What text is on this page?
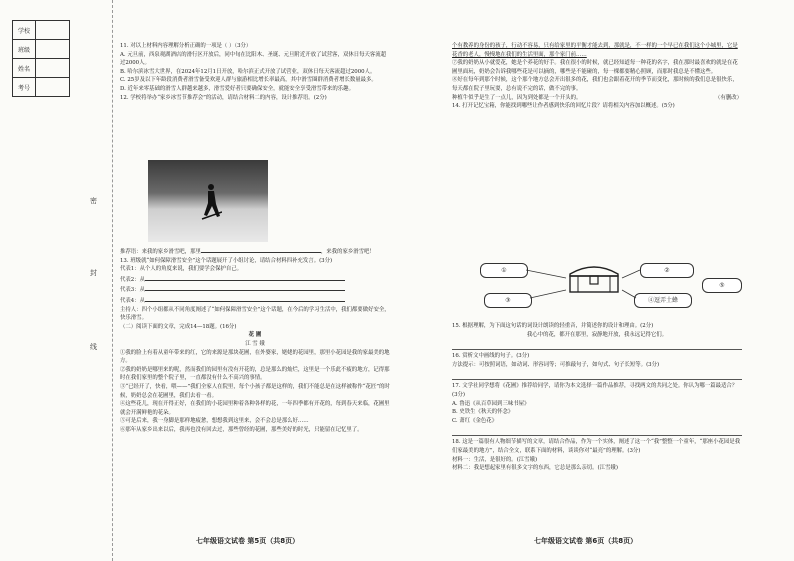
学校	
班级	
姓名	
考号	
密
封
线

11. 对以上材料内容理解分析正确的一项是（ ）（3分）

A. 元旦前，西泉观湖酒店的滑行区开放后，同中旬在比阳木、圣诞、元旦附近开放了试营客，双休日每天客流超过2000人。

B. 哈尔滨冰雪大世界，在2024年12月1日开放，哈尔滨正式开放了试营业，双休日每天客流超过2000人。

C. 25岁及以下年龄段消费者滑雪备受欢迎人群与旅游相比增长率最高，其中滑雪圈群消费者增长数量最多。

D. 近年来零基础的滑雪人群越来越多，滑雪爱好者只要确保安全，就能安全享受滑雪带来的乐趣。

12. 学校将举办“家乡冰雪节推荐会”的活动，请结合材料二的内容，设计推荐语。(2分)

推荐语：来我的家乡滑雪吧，那里	，来我的家乡滑雪吧！

13. 班级就“如何保障滑雪安全”这个话题展开了小组讨论，请结合材料四补充发言。(3分)

代表1：从个人的角度来说，我们要学会保护自己。

代表2：从

代表3：从

代表4：从

主持人：四个小组都从不同角度阐述了“如何保障滑雪安全”这个话题，在今后的学习生活中，我们都要做好安全，快乐滑雪。

（二）阅读下面的文章，完成14—18题。(16分)

花 圃

江 雪 娥

①我的脸上有着从童年带来的红，它的来源是那块花圃，在外婆家，姥姥的花园里，那里小花园是我的家最美的地方。

②我的奶奶是哪里来的呢，然而我们的园里有没有开花的，总是那么的灿烂，这里是一个乐此不疲的地方，记得那时在我们家里的整个院子里，一直都没有什么不高兴的事情。

③“已经开了，快看，喂——”我们全家人在院里，每个小孩子都是这样的，我们不能总是在这样被称作“花匠”的时候，奶奶总会在花圃里，我们去看一看。

④这些花儿，现在开得正好，在我们的小花园里种着各种各样的花，一年四季都有开花的，每到春天来临，花圃里就会开满鲜艳的花朵。

⑤可是后来，我一身脚是那样地疲惫，想想我到这里来，会不会总是那么好……

⑥那年从家乡出来以后，我再也没有回去过，那些曾经的花圃，那些美好的时光，只能留在记忆里了。

七年级语文试卷 第5页（共8页）

个有教养的身份的孩子，行动不容易，只有给家里的平衡才能去到，那就是，不一样的一个早已在我们这个小城里，它是花香的老人，慢慢地在我们的生活里面，那个家门前……

⑦我的奶奶从小就爱花，她是个养花的好手。我在很小的时候，就已经知道每一种花的名字，我在那时最喜欢的就是在花圃里面玩，奶奶会告诉我哪些花是可以摘的，哪些是不能碰的，每一棵都要精心照顾，而那时我总是不懂这些。

⑧好在每年到那个时候，这个那个地方总会开出很多的花，我们也会跟着花开的季节而变化，那时候的我们总是很快乐，每天都在院子里玩耍，总有说不完的话，做不完的事。

种植牛似乎是生了一点儿，因为到处都是一个开头的。	（有删改）

14. 打开记忆宝箱，你能找到哪些让作者感到快乐的回忆片段？请将相关内容加以概述。(5分)

①	②
③	④逗弄土蜂
⑤

15. 根据理解，为下面这句话的词设计朗读的轻重音，并简述你的设计和理由。(2分)

我心中的花，都开在那里，寂静地开放，我永远记得它们。

16. 赏析文中画线的句子。(3分)

方法提示：可按照词语，如动词、形容词等；可推敲句子，如句式、句子长短等。(3分)

17. 文学社同学想将《花圃》推荐给同学，请你为本文选择一篇作品推荐，寻找两文的共同之处。你认为哪一篇最适合？(3分)

A. 鲁迅《从百草园到三味书屋》

B. 史铁生《秋天的怀念》

C. 萧红《金色花》

18. 这是一篇很有人物细节描写的文章，请结合作品，作为一个实体，阐述了这一个“我”整整一个童年，“那座小花园是我们家最美的地方”，结合全文，联系下面的材料，谈谈你对“最亮”的理解。(3分)

材料一：生活，是很好的。(江雪娥)

材料二：我是想起家里有很多文字的东西，它总是那么亲切。(江雪娥)

七年级语文试卷 第6页（共8页）
